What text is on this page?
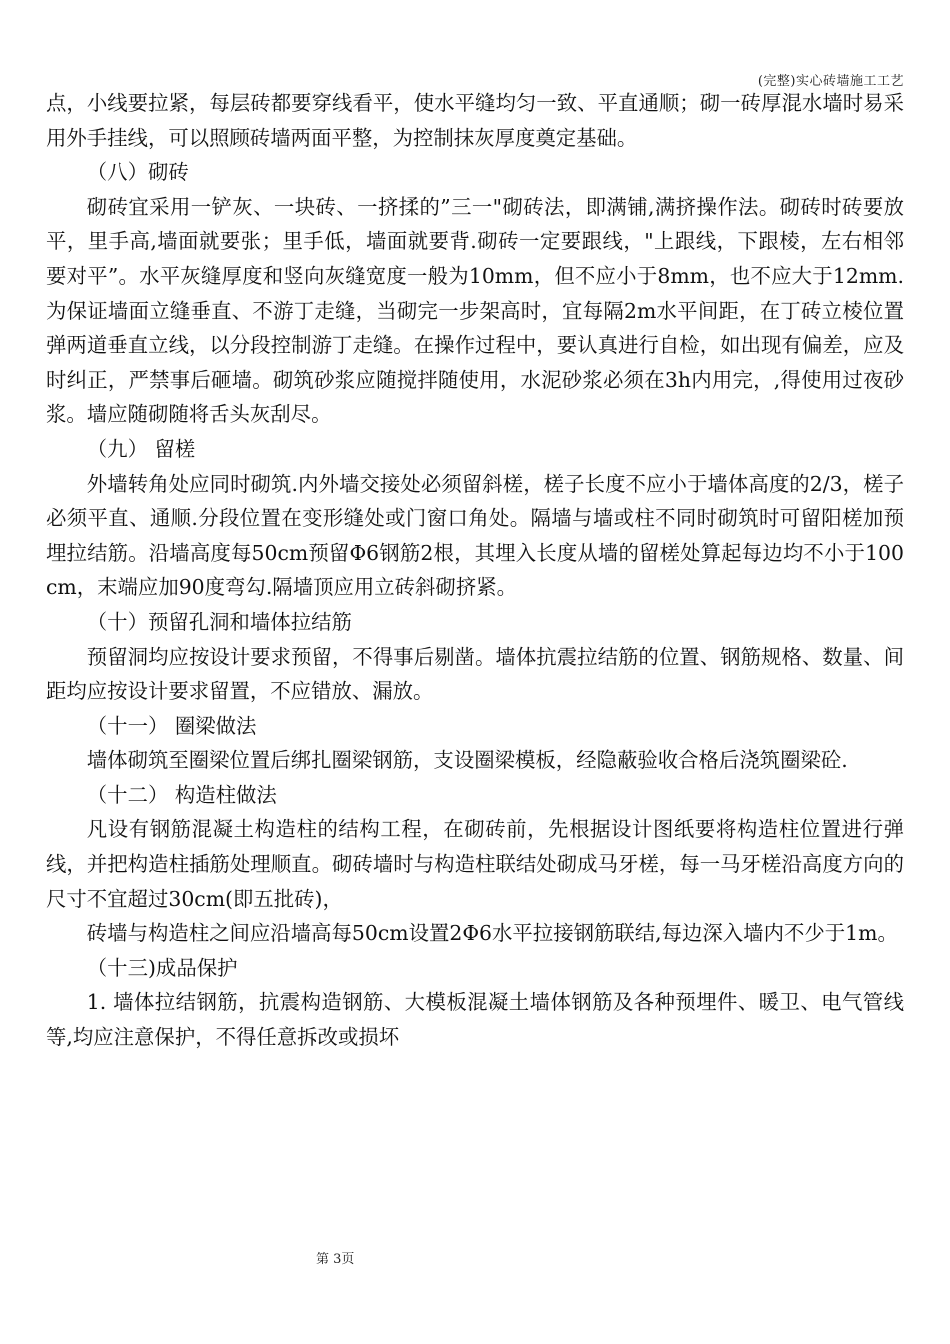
(完整)实心砖墙施工工艺

点，小线要拉紧，每层砖都要穿线看平，使水平缝均匀一致、平直通顺；砌一砖厚混水墙时易采用外手挂线，可以照顾砖墙两面平整，为控制抹灰厚度奠定基础。

（八）砌砖

砌砖宜采用一铲灰、一块砖、一挤揉的”三一"砌砖法，即满铺,满挤操作法。砌砖时砖要放平，里手高,墙面就要张；里手低，墙面就要背.砌砖一定要跟线，"上跟线，下跟棱，左右相邻要对平”。水平灰缝厚度和竖向灰缝宽度一般为10mm，但不应小于8mm，也不应大于12mm.为保证墙面立缝垂直、不游丁走缝，当砌完一步架高时，宜每隔2m水平间距，在丁砖立棱位置弹两道垂直立线，以分段控制游丁走缝。在操作过程中，要认真进行自检，如出现有偏差，应及时纠正，严禁事后砸墙。砌筑砂浆应随搅拌随使用，水泥砂浆必须在3h内用完，,得使用过夜砂浆。墙应随砌随将舌头灰刮尽。

（九） 留槎

外墙转角处应同时砌筑.内外墙交接处必须留斜槎，槎子长度不应小于墙体高度的2/3，槎子必须平直、通顺.分段位置在变形缝处或门窗口角处。隔墙与墙或柱不同时砌筑时可留阳槎加预埋拉结筋。沿墙高度每50cm预留Φ6钢筋2根，其埋入长度从墙的留槎处算起每边均不小于100cm，末端应加90度弯勾.隔墙顶应用立砖斜砌挤紧。

（十）预留孔洞和墙体拉结筋

预留洞均应按设计要求预留，不得事后剔凿。墙体抗震拉结筋的位置、钢筋规格、数量、间距均应按设计要求留置，不应错放、漏放。

（十一） 圈梁做法

墙体砌筑至圈梁位置后绑扎圈梁钢筋，支设圈梁模板，经隐蔽验收合格后浇筑圈梁砼.

（十二） 构造柱做法

凡设有钢筋混凝土构造柱的结构工程，在砌砖前，先根据设计图纸要将构造柱位置进行弹线，并把构造柱插筋处理顺直。砌砖墙时与构造柱联结处砌成马牙槎，每一马牙槎沿高度方向的尺寸不宜超过30cm(即五批砖)，

砖墙与构造柱之间应沿墙高每50cm设置2Φ6水平拉接钢筋联结,每边深入墙内不少于1m。

（十三)成品保护

1. 墙体拉结钢筋，抗震构造钢筋、大模板混凝土墙体钢筋及各种预埋件、暖卫、电气管线等,均应注意保护，不得任意拆改或损坏

第 3页
